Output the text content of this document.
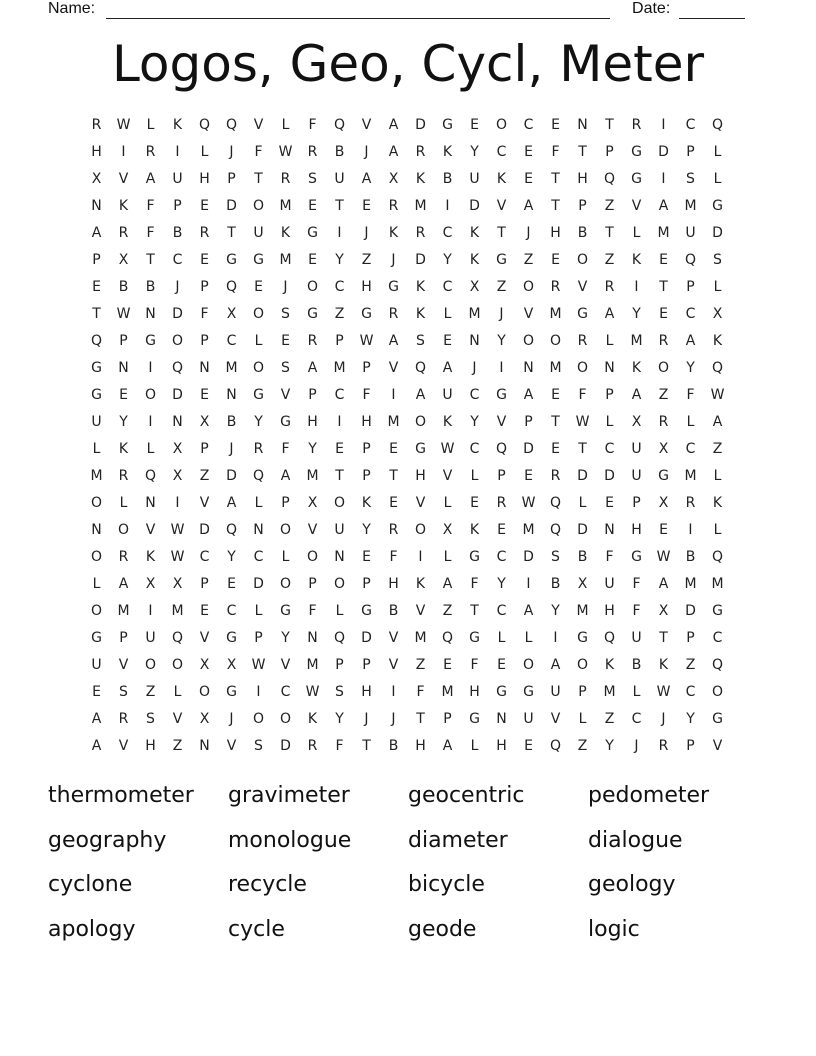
Name:	Date:
Logos, Geo, Cycl, Meter
R	W	L	K	Q	Q	V	L	F	Q	V	A	D	G	E	O	C	E	N	T	R	I	C	Q
H	I	R	I	L	J	F	W	R	B	J	A	R	K	Y	C	E	F	T	P	G	D	P	L
X	V	A	U	H	P	T	R	S	U	A	X	K	B	U	K	E	T	H	Q	G	I	S	L
N	K	F	P	E	D	O	M	E	T	E	R	M	I	D	V	A	T	P	Z	V	A	M	G
A	R	F	B	R	T	U	K	G	I	J	K	R	C	K	T	J	H	B	T	L	M	U	D
P	X	T	C	E	G	G	M	E	Y	Z	J	D	Y	K	G	Z	E	O	Z	K	E	Q	S
E	B	B	J	P	Q	E	J	O	C	H	G	K	C	X	Z	O	R	V	R	I	T	P	L
T	W	N	D	F	X	O	S	G	Z	G	R	K	L	M	J	V	M	G	A	Y	E	C	X
Q	P	G	O	P	C	L	E	R	P	W	A	S	E	N	Y	O	O	R	L	M	R	A	K
G	N	I	Q	N	M	O	S	A	M	P	V	Q	A	J	I	N	M	O	N	K	O	Y	Q
G	E	O	D	E	N	G	V	P	C	F	I	A	U	C	G	A	E	F	P	A	Z	F	W
U	Y	I	N	X	B	Y	G	H	I	H	M	O	K	Y	V	P	T	W	L	X	R	L	A
L	K	L	X	P	J	R	F	Y	E	P	E	G	W	C	Q	D	E	T	C	U	X	C	Z
M	R	Q	X	Z	D	Q	A	M	T	P	T	H	V	L	P	E	R	D	D	U	G	M	L
O	L	N	I	V	A	L	P	X	O	K	E	V	L	E	R	W	Q	L	E	P	X	R	K
N	O	V	W	D	Q	N	O	V	U	Y	R	O	X	K	E	M	Q	D	N	H	E	I	L
O	R	K	W	C	Y	C	L	O	N	E	F	I	L	G	C	D	S	B	F	G	W	B	Q
L	A	X	X	P	E	D	O	P	O	P	H	K	A	F	Y	I	B	X	U	F	A	M	M
O	M	I	M	E	C	L	G	F	L	G	B	V	Z	T	C	A	Y	M	H	F	X	D	G
G	P	U	Q	V	G	P	Y	N	Q	D	V	M	Q	G	L	L	I	G	Q	U	T	P	C
U	V	O	O	X	X	W	V	M	P	P	V	Z	E	F	E	O	A	O	K	B	K	Z	Q
E	S	Z	L	O	G	I	C	W	S	H	I	F	M	H	G	G	U	P	M	L	W	C	O
A	R	S	V	X	J	O	O	K	Y	J	J	T	P	G	N	U	V	L	Z	C	J	Y	G
A	V	H	Z	N	V	S	D	R	F	T	B	H	A	L	H	E	Q	Z	Y	J	R	P	V
thermometer	gravimeter	geocentric	pedometer
geography	monologue	diameter	dialogue
cyclone	recycle	bicycle	geology
apology	cycle	geode	logic
